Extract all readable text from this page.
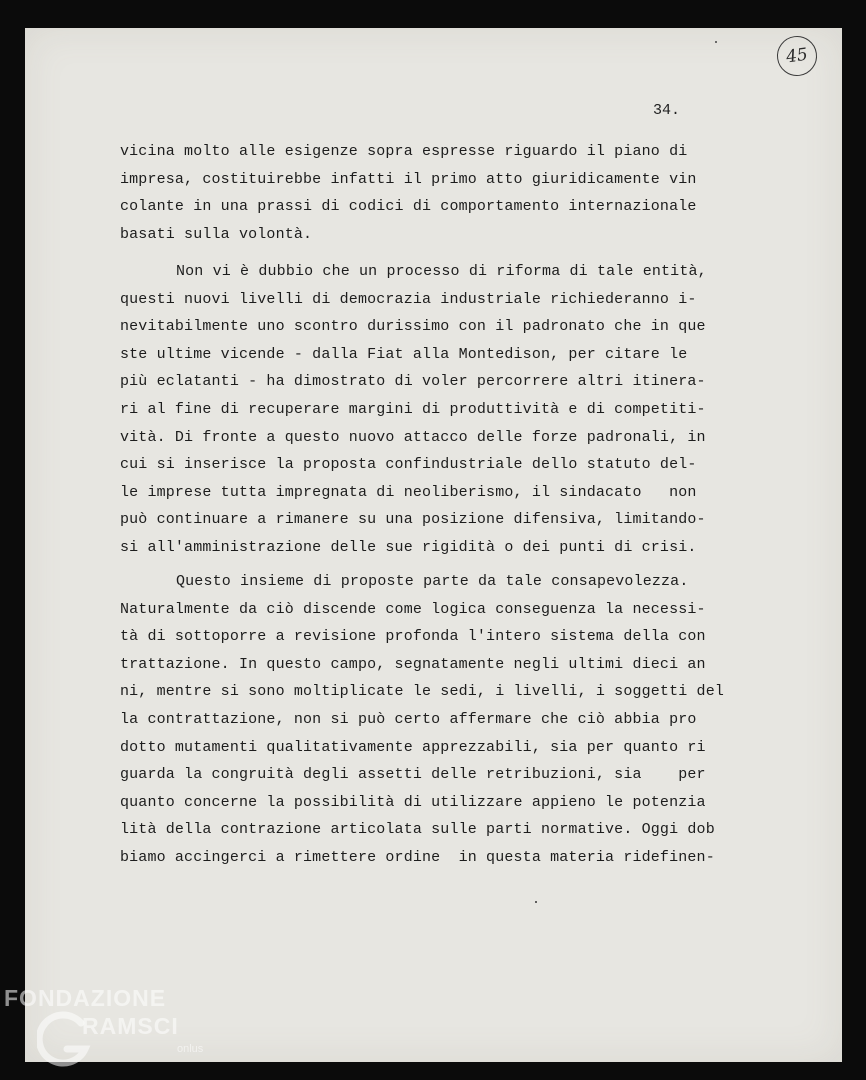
45
34.
vicina molto alle esigenze sopra espresse riguardo il piano di
impresa, costituirebbe infatti il primo atto giuridicamente vin
colante in una prassi di codici di comportamento internazionale
basati sulla volontà.
Non vi è dubbio che un processo di riforma di tale entità,
questi nuovi livelli di democrazia industriale richiederanno i-
nevitabilmente uno scontro durissimo con il padronato che in que
ste ultime vicende - dalla Fiat alla Montedison, per citare le
più eclatanti - ha dimostrato di voler percorrere altri itinera-
ri al fine di recuperare margini di produttività e di competiti-
vità. Di fronte a questo nuovo attacco delle forze padronali, in
cui si inserisce la proposta confindustriale dello statuto del-
le imprese tutta impregnata di neoliberismo, il sindacato   non
può continuare a rimanere su una posizione difensiva, limitando-
si all'amministrazione delle sue rigidità o dei punti di crisi.
Questo insieme di proposte parte da tale consapevolezza.
Naturalmente da ciò discende come logica conseguenza la necessi-
tà di sottoporre a revisione profonda l'intero sistema della con
trattazione. In questo campo, segnatamente negli ultimi dieci an
ni, mentre si sono moltiplicate le sedi, i livelli, i soggetti del
la contrattazione, non si può certo affermare che ciò abbia pro
dotto mutamenti qualitativamente apprezzabili, sia per quanto ri
guarda la congruità degli assetti delle retribuzioni, sia    per
quanto concerne la possibilità di utilizzare appieno le potenzia
lità della contrazione articolata sulle parti normative. Oggi dob
biamo accingerci a rimettere ordine  in questa materia ridefinen-
FONDAZIONE
RAMSCI
onlus
